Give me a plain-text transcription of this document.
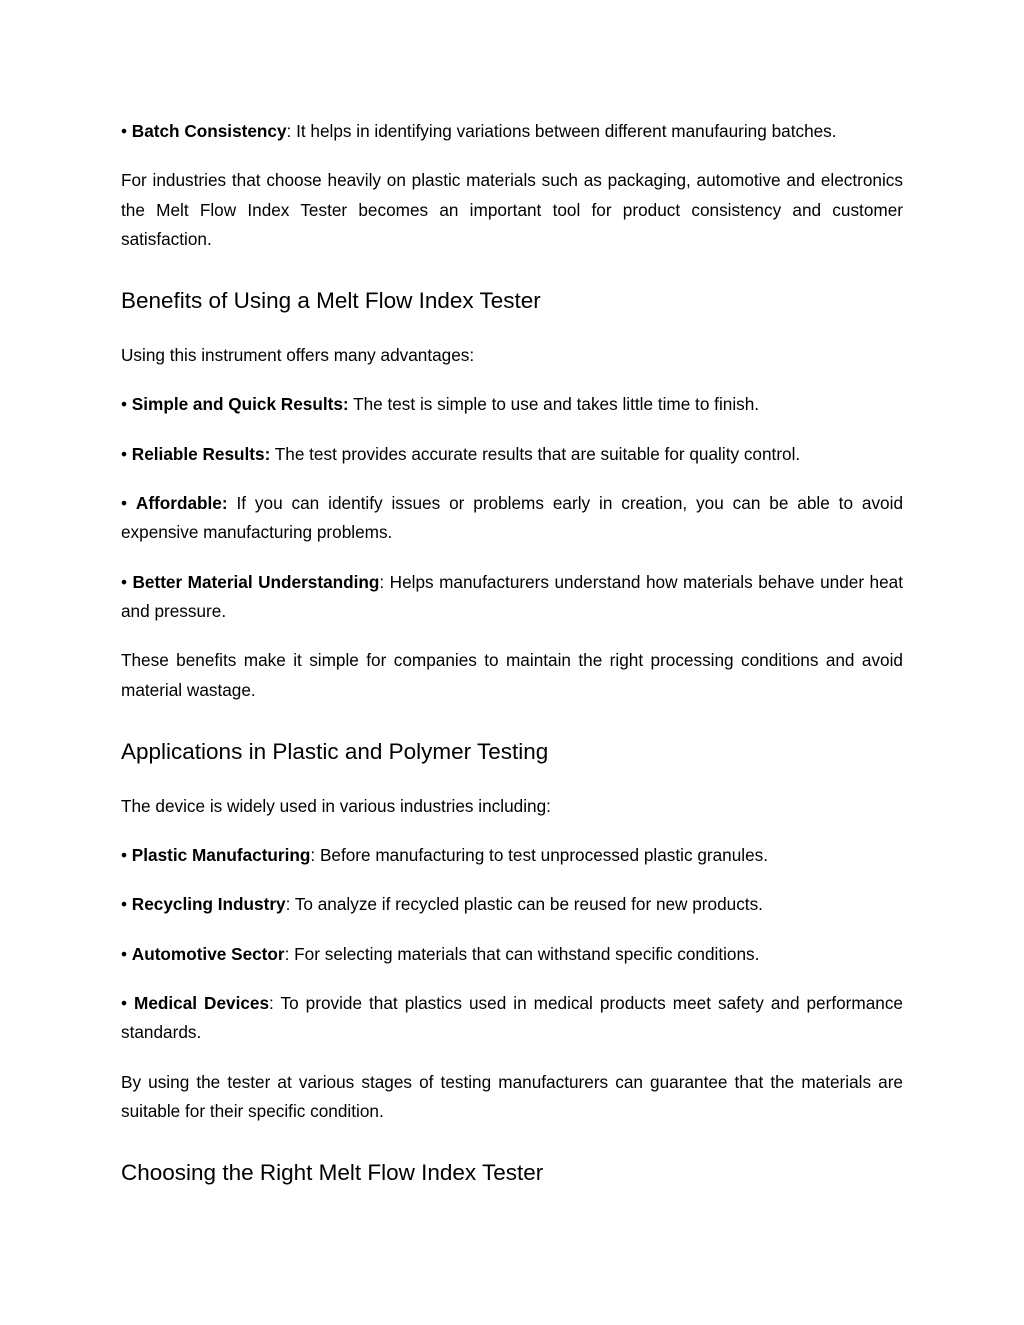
• Batch Consistency: It helps in identifying variations between different manufauring batches.

For industries that choose heavily on plastic materials such as packaging, automotive and electronics the Melt Flow Index Tester becomes an important tool for product consistency and customer satisfaction.

Benefits of Using a Melt Flow Index Tester

Using this instrument offers many advantages:

• Simple and Quick Results: The test is simple to use and takes little time to finish.

• Reliable Results: The test provides accurate results that are suitable for quality control.

• Affordable: If you can identify issues or problems early in creation, you can be able to avoid expensive manufacturing problems.

• Better Material Understanding: Helps manufacturers understand how materials behave under heat and pressure.

These benefits make it simple for companies to maintain the right processing conditions and avoid material wastage.

Applications in Plastic and Polymer Testing

The device is widely used in various industries including:

• Plastic Manufacturing: Before manufacturing to test unprocessed plastic granules.

• Recycling Industry: To analyze if recycled plastic can be reused for new products.

• Automotive Sector: For selecting materials that can withstand specific conditions.

• Medical Devices: To provide that plastics used in medical products meet safety and performance standards.

By using the tester at various stages of testing manufacturers can guarantee that the materials are suitable for their specific condition.

Choosing the Right Melt Flow Index Tester
